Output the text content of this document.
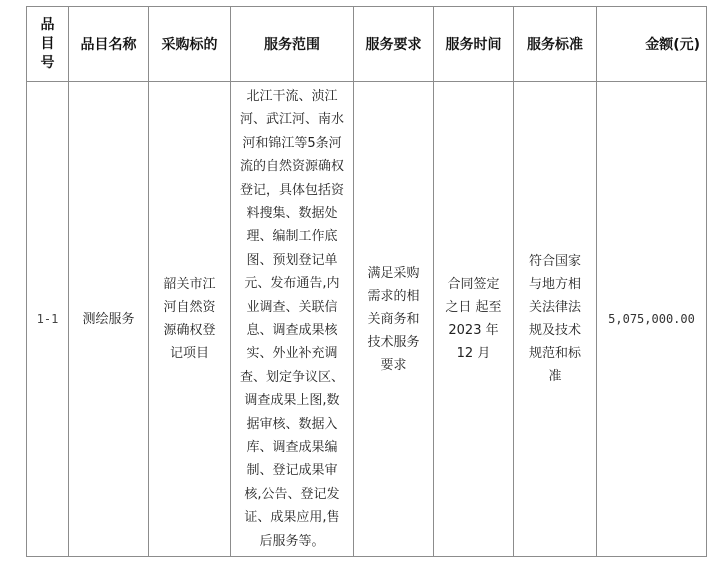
品目号	品目名称	采购标的	服务范围	服务要求	服务时间	服务标准	金额(元)
1-1	测绘服务	韶关市江河自然资源确权登记项目	北江干流、浈江河、武江河、南水河和锦江等5条河流的自然资源确权登记，具体包括资料搜集、数据处理、编制工作底图、预划登记单元、发布通告,内业调查、关联信息、调查成果核实、外业补充调查、划定争议区、调查成果上图,数据审核、数据入库、调查成果编制、登记成果审核,公告、登记发证、成果应用,售后服务等。	满足采购需求的相关商务和技术服务要求	合同签定之日 起至2023 年 12 月	符合国家与地方相关法律法规及技术规范和标准	5,075,000.00
